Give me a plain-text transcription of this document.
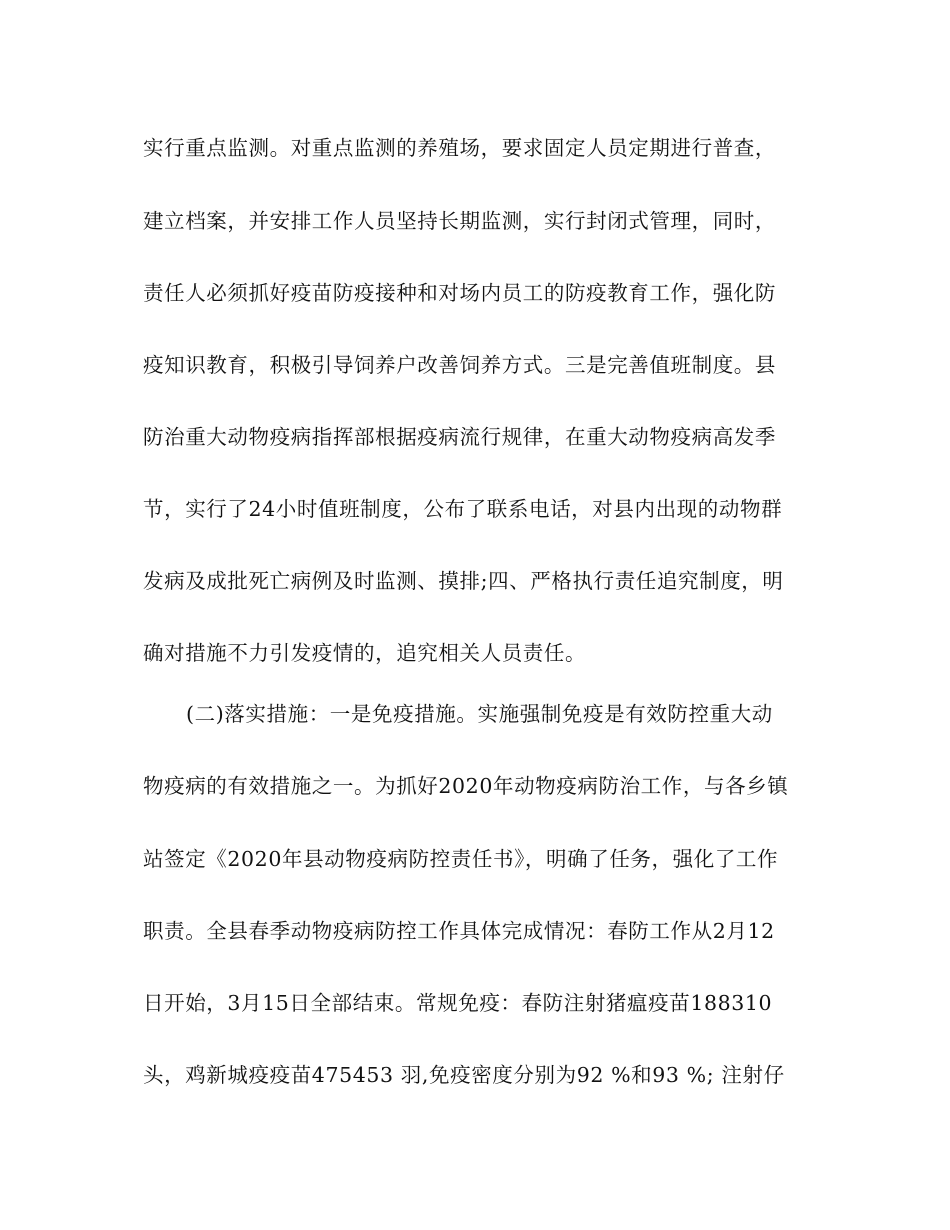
实行重点监测。对重点监测的养殖场，要求固定人员定期进行普查，

建立档案，并安排工作人员坚持长期监测，实行封闭式管理，同时，

责任人必须抓好疫苗防疫接种和对场内员工的防疫教育工作，强化防

疫知识教育，积极引导饲养户改善饲养方式。三是完善值班制度。县

防治重大动物疫病指挥部根据疫病流行规律，在重大动物疫病高发季

节，实行了24小时值班制度，公布了联系电话，对县内出现的动物群

发病及成批死亡病例及时监测、摸排;四、严格执行责任追究制度，明

确对措施不力引发疫情的，追究相关人员责任。

(二)落实措施：一是免疫措施。实施强制免疫是有效防控重大动

物疫病的有效措施之一。为抓好2020年动物疫病防治工作，与各乡镇

站签定《2020年县动物疫病防控责任书》，明确了任务，强化了工作

职责。全县春季动物疫病防控工作具体完成情况：春防工作从2月12

日开始，3月15日全部结束。常规免疫：春防注射猪瘟疫苗188310

头，鸡新城疫疫苗475453 羽,免疫密度分别为92 %和93 %; 注射仔
